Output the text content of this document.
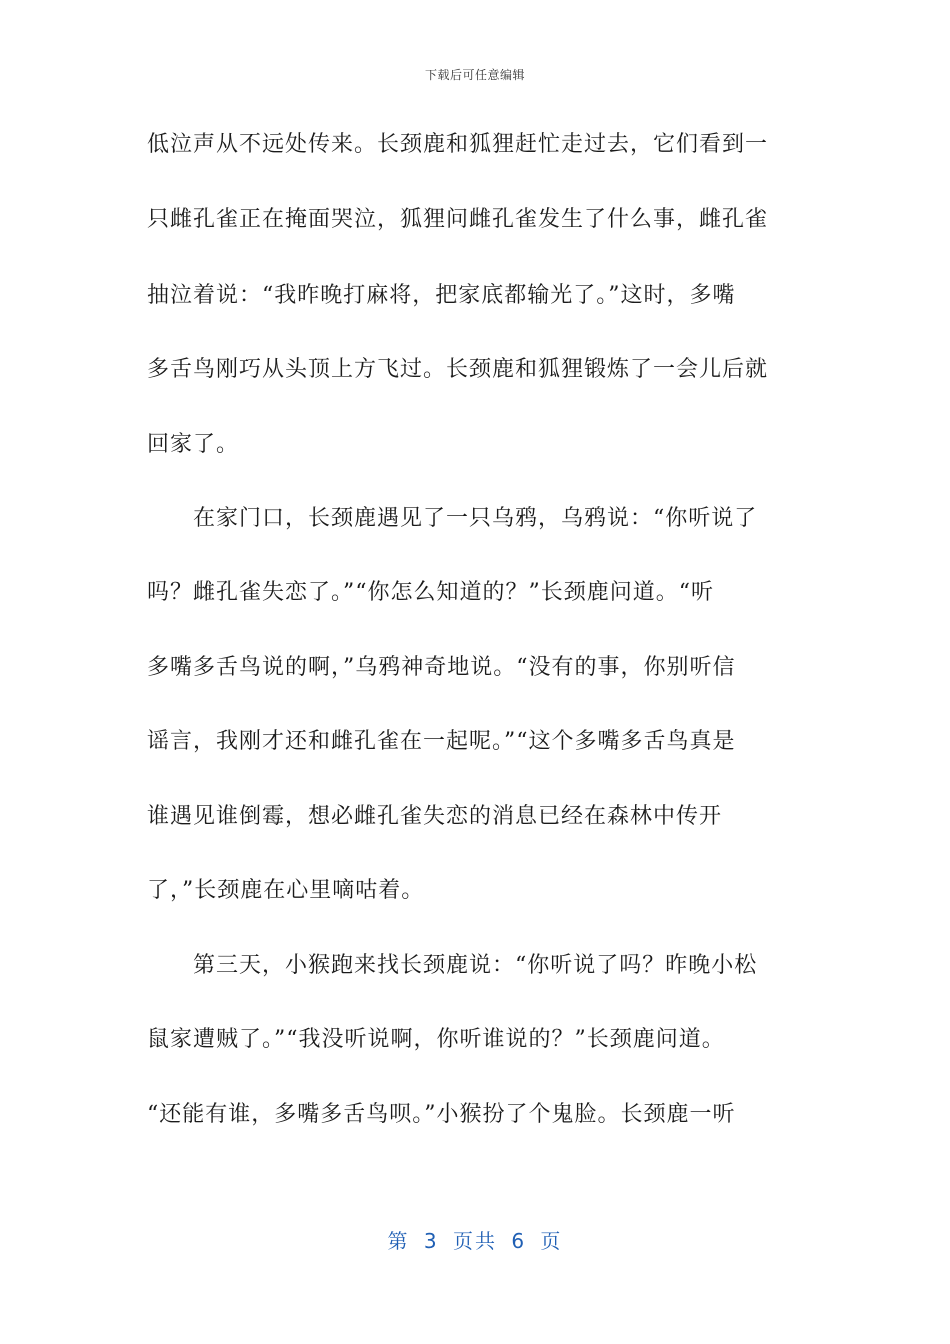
下载后可任意编辑
低泣声从不远处传来。长颈鹿和狐狸赶忙走过去，它们看到一
只雌孔雀正在掩面哭泣，狐狸问雌孔雀发生了什么事，雌孔雀
抽泣着说：“我昨晚打麻将，把家底都输光了。”这时，多嘴
多舌鸟刚巧从头顶上方飞过。长颈鹿和狐狸锻炼了一会儿后就
回家了。
在家门口，长颈鹿遇见了一只乌鸦，乌鸦说：“你听说了
吗？雌孔雀失恋了。”“你怎么知道的？”长颈鹿问道。“听
多嘴多舌鸟说的啊，”乌鸦神奇地说。“没有的事，你别听信
谣言，我刚才还和雌孔雀在一起呢。”“这个多嘴多舌鸟真是
谁遇见谁倒霉，想必雌孔雀失恋的消息已经在森林中传开
了，”长颈鹿在心里嘀咕着。
第三天，小猴跑来找长颈鹿说：“你听说了吗？昨晚小松
鼠家遭贼了。”“我没听说啊，你听谁说的？”长颈鹿问道。
“还能有谁，多嘴多舌鸟呗。”小猴扮了个鬼脸。长颈鹿一听
第 3 页共 6 页
